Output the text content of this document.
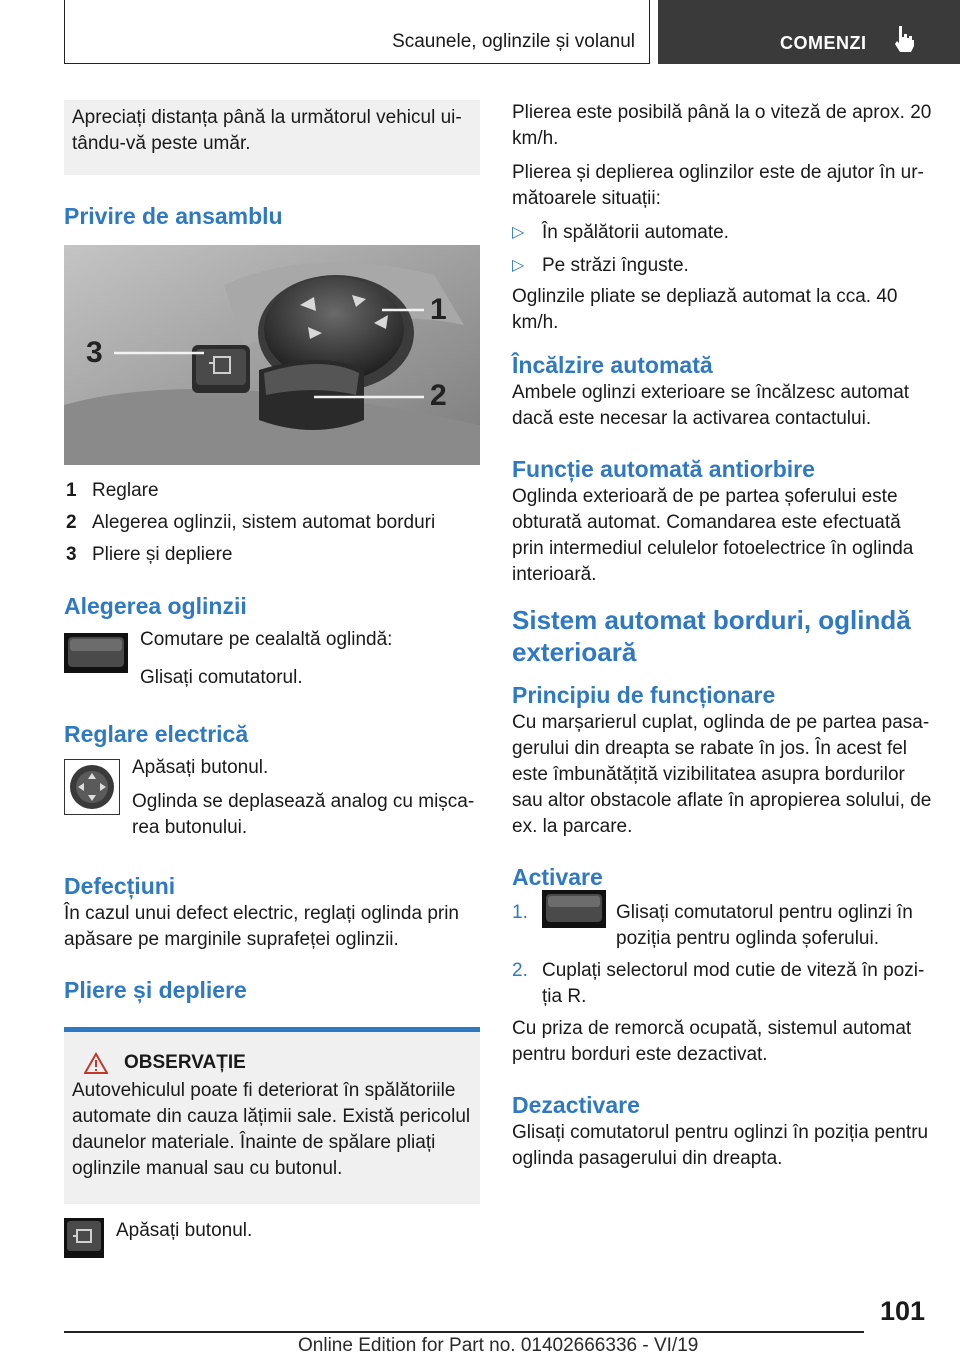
Scaunele, oglinzile și volanul	COMENZI

Apreciați distanța până la următorul vehicul ui- tându-vă peste umăr.

Privire de ansamblu
3
1
2
1 Reglare
2 Alegerea oglinzii, sistem automat borduri
3 Pliere și depliere
Alegerea oglinzii

Comutare pe cealaltă oglindă:

Glisați comutatorul.

Reglare electrică

Apăsați butonul.

Oglinda se deplasează analog cu mișca- rea butonului.

Defecțiuni

În cazul unui defect electric, reglați oglinda prin apăsare pe marginile suprafeței oglinzii.

Pliere și depliere
OBSERVAȚIE

Autovehiculul poate fi deteriorat în spălătoriile automate din cauza lățimii sale. Există pericolul daunelor materiale. Înainte de spălare pliați oglinzile manual sau cu butonul.

Apăsați butonul.

Plierea este posibilă până la o viteză de aprox. 20 km/h.

Plierea și deplierea oglinzilor este de ajutor în ur- mătoarele situații:

▷ În spălătorii automate.
▷ Pe străzi înguste.

Oglinzile pliate se depliază automat la cca. 40 km/h.

Încălzire automată

Ambele oglinzi exterioare se încălzesc automat dacă este necesar la activarea contactului.

Funcție automată antiorbire

Oglinda exterioară de pe partea șoferului este obturată automat. Comandarea este efectuată prin intermediul celulelor fotoelectrice în oglinda interioară.

Sistem automat borduri, oglindă exterioară
Principiu de funcționare

Cu marșarierul cuplat, oglinda de pe partea pasa- gerului din dreapta se rabate în jos. În acest fel este îmbunătățită vizibilitatea asupra bordurilor sau altor obstacole aflate în apropierea solului, de ex. la parcare.

Activare
1.	Glisați comutatorul pentru oglinzi în poziția pentru oglinda șoferului.
2. Cuplați selectorul mod cutie de viteză în pozi- ția R.

Cu priza de remorcă ocupată, sistemul automat pentru borduri este dezactivat.

Dezactivare

Glisați comutatorul pentru oglinzi în poziția pentru oglinda pasagerului din dreapta.

101
Online Edition for Part no. 01402666336 - VI/19
